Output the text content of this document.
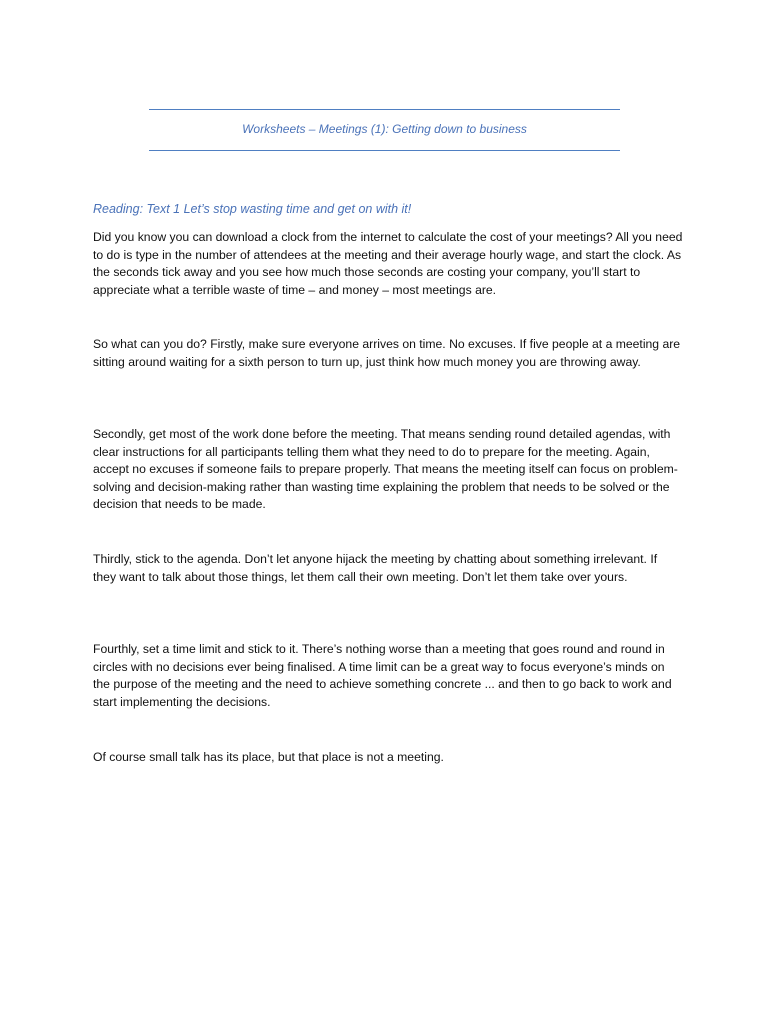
Worksheets – Meetings (1): Getting down to business
Reading: Text 1 Let’s stop wasting time and get on with it!

Did you know you can download a clock from the internet to calculate the cost of your meetings? All you need to do is type in the number of attendees at the meeting and their average hourly wage, and start the clock. As the seconds tick away and you see how much those seconds are costing your company, you’ll start to appreciate what a terrible waste of time – and money – most meetings are.

So what can you do? Firstly, make sure everyone arrives on time. No excuses. If five people at a meeting are sitting around waiting for a sixth person to turn up, just think how much money you are throwing away.

Secondly, get most of the work done before the meeting. That means sending round detailed agendas, with clear instructions for all participants telling them what they need to do to prepare for the meeting. Again, accept no excuses if someone fails to prepare properly. That means the meeting itself can focus on problem-solving and decision-making rather than wasting time explaining the problem that needs to be solved or the decision that needs to be made.

Thirdly, stick to the agenda. Don’t let anyone hijack the meeting by chatting about something irrelevant. If they want to talk about those things, let them call their own meeting. Don’t let them take over yours.

Fourthly, set a time limit and stick to it. There’s nothing worse than a meeting that goes round and round in circles with no decisions ever being finalised. A time limit can be a great way to focus everyone’s minds on the purpose of the meeting and the need to achieve something concrete ... and then to go back to work and start implementing the decisions.

Of course small talk has its place, but that place is not a meeting.
